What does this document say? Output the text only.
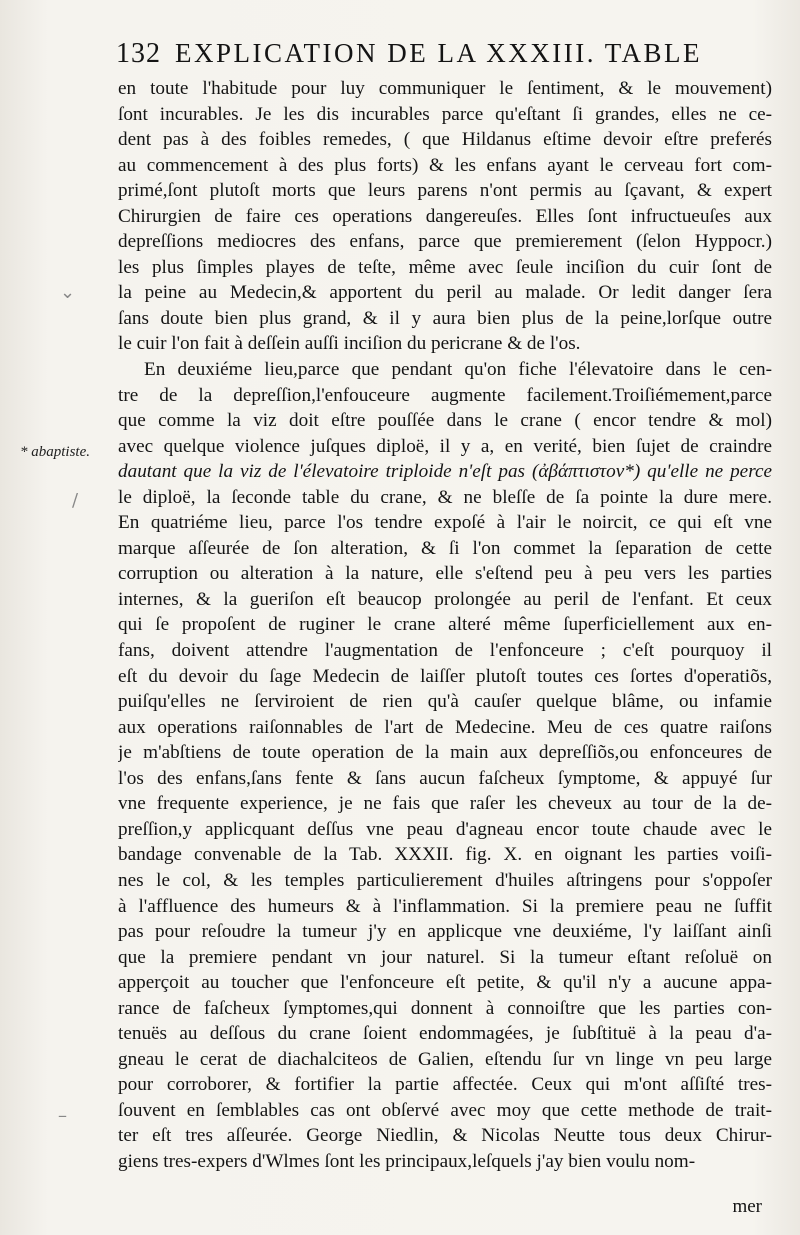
132 EXPLICATION DE LA XXXIII. TABLE
* abaptiste.
en toute l'habitude pour luy communiquer le ſentiment, & le mouvement)
ſont incurables. Je les dis incurables parce qu'eſtant ſi grandes, elles ne ce-
dent pas à des foibles remedes, ( que Hildanus eſtime devoir eſtre preferés
au commencement à des plus forts) & les enfans ayant le cerveau fort com-
primé,ſont plutoſt morts que leurs parens n'ont permis au ſçavant, & expert
Chirurgien de faire ces operations dangereuſes. Elles ſont infructueuſes aux
depreſſions mediocres des enfans, parce que premierement (ſelon Hyppocr.)
les plus ſimples playes de teſte, même avec ſeule inciſion du cuir ſont de
la peine au Medecin,& apportent du peril au malade. Or ledit danger ſera
ſans doute bien plus grand, & il y aura bien plus de la peine,lorſque outre
le cuir l'on fait à deſſein auſſi inciſion du pericrane & de l'os.
En deuxiéme lieu,parce que pendant qu'on fiche l'élevatoire dans le cen-
tre de la depreſſion,l'enfouceure augmente facilement.Troiſiémement,parce
que comme la viz doit eſtre pouſſée dans le crane ( encor tendre & mol)
avec quelque violence juſques diploë, il y a, en verité, bien ſujet de craindre
dautant que la viz de l'élevatoire triploide n'eſt pas (ἀβάπτιστον*) qu'elle ne perce
le diploë, la ſeconde table du crane, & ne bleſſe de ſa pointe la dure mere.
En quatriéme lieu, parce l'os tendre expoſé à l'air le noircit, ce qui eſt vne
marque aſſeurée de ſon alteration, & ſi l'on commet la ſeparation de cette
corruption ou alteration à la nature, elle s'eſtend peu à peu vers les parties
internes, & la gueriſon eſt beaucop prolongée au peril de l'enfant. Et ceux
qui ſe propoſent de ruginer le crane alteré même ſuperficiellement aux en-
fans, doivent attendre l'augmentation de l'enfonceure ; c'eſt pourquoy il
eſt du devoir du ſage Medecin de laiſſer plutoſt toutes ces ſortes d'operatiõs,
puiſqu'elles ne ſerviroient de rien qu'à cauſer quelque blâme, ou infamie
aux operations raiſonnables de l'art de Medecine. Meu de ces quatre raiſons
je m'abſtiens de toute operation de la main aux depreſſiõs,ou enfonceures de
l'os des enfans,ſans fente & ſans aucun faſcheux ſymptome, & appuyé ſur
vne frequente experience, je ne fais que raſer les cheveux au tour de la de-
preſſion,y applicquant deſſus vne peau d'agneau encor toute chaude avec le
bandage convenable de la Tab. XXXII. fig. X. en oignant les parties voiſi-
nes le col, & les temples particulierement d'huiles aſtringens pour s'oppoſer
à l'affluence des humeurs & à l'inflammation. Si la premiere peau ne ſuffit
pas pour reſoudre la tumeur j'y en applicque vne deuxiéme, l'y laiſſant ainſi
que la premiere pendant vn jour naturel. Si la tumeur eſtant reſoluë on
apperçoit au toucher que l'enfonceure eſt petite, & qu'il n'y a aucune appa-
rance de faſcheux ſymptomes,qui donnent à connoiſtre que les parties con-
tenuës au deſſous du crane ſoient endommagées, je ſubſtituë à la peau d'a-
gneau le cerat de diachalciteos de Galien, eſtendu ſur vn linge vn peu large
pour corroborer, & fortifier la partie affectée. Ceux qui m'ont aſſiſté tres-
ſouvent en ſemblables cas ont obſervé avec moy que cette methode de trait-
ter eſt tres aſſeurée. George Niedlin, & Nicolas Neutte tous deux Chirur-
giens tres-expers d'Wlmes ſont les principaux,leſquels j'ay bien voulu nom-
mer
⌄
/
–
